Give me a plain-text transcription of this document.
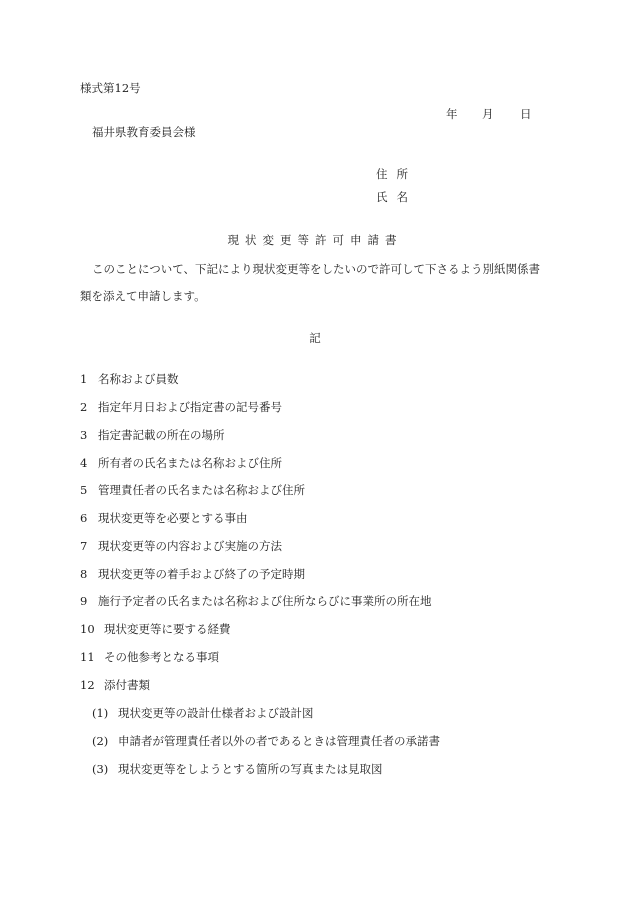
様式第12号
年 月 日
福井県教育委員会様
住所
氏名
現状変更等許可申請書
このことについて、下記により現状変更等をしたいので許可して下さるよう別紙関係書
類を添えて申請します。
記
1 名称および員数
2 指定年月日および指定書の記号番号
3 指定書記載の所在の場所
4 所有者の氏名または名称および住所
5 管理責任者の氏名または名称および住所
6 現状変更等を必要とする事由
7 現状変更等の内容および実施の方法
8 現状変更等の着手および終了の予定時期
9 施行予定者の氏名または名称および住所ならびに事業所の所在地
10 現状変更等に要する経費
11 その他参考となる事項
12 添付書類
(1) 現状変更等の設計仕様者および設計図
(2) 申請者が管理責任者以外の者であるときは管理責任者の承諾書
(3) 現状変更等をしようとする箇所の写真または見取図
